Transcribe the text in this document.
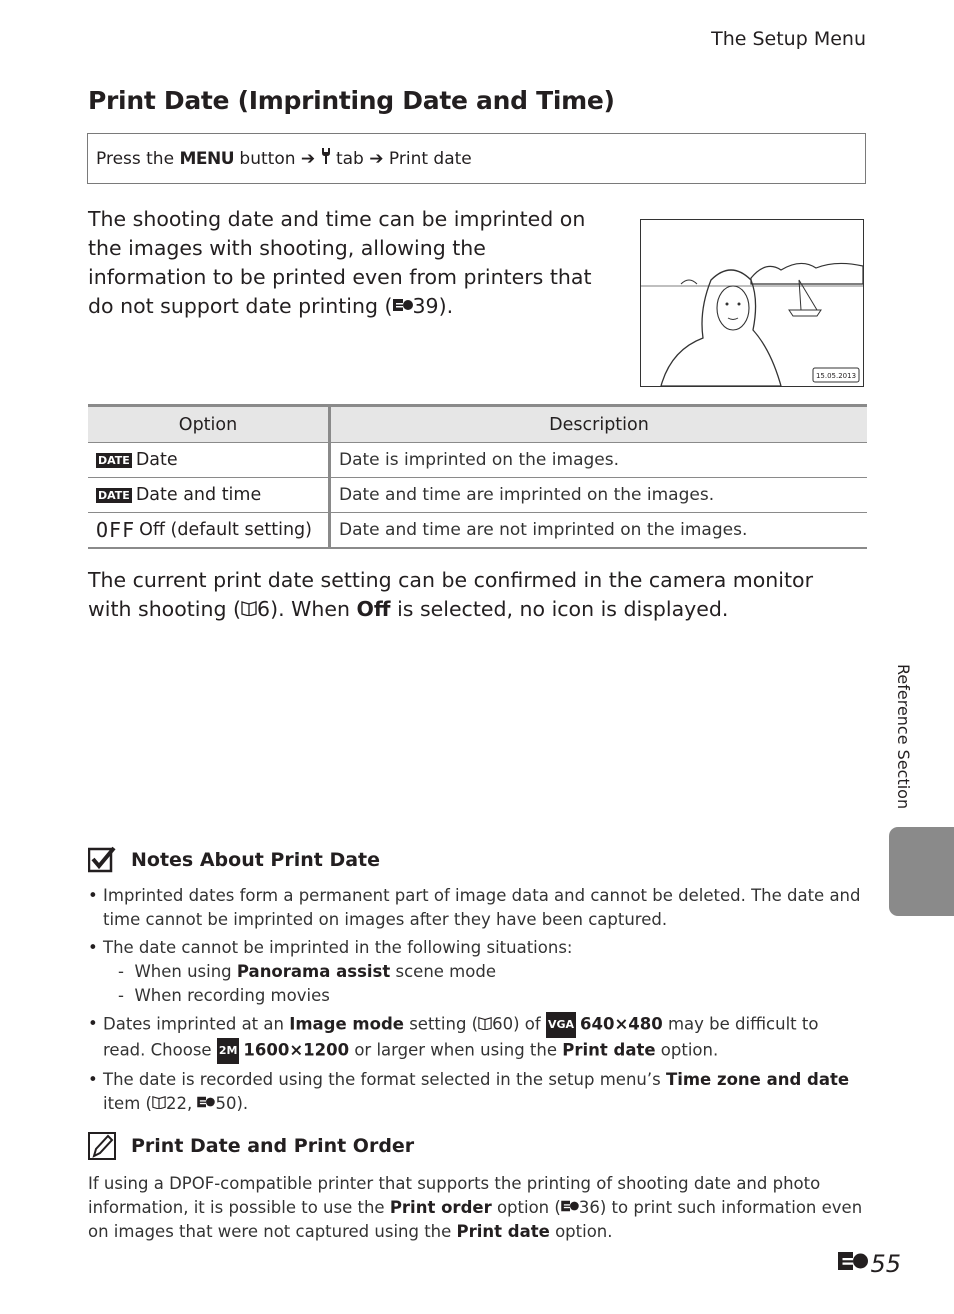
The Setup Menu
Print Date (Imprinting Date and Time)
Press the
MENU
button
➔

tab
➔
Print date
The shooting date and time can be imprinted on the images with shooting, allowing the information to be printed even from printers that do not support date printing ( 39).
15.05.2013
Option	Description
DATE Date	Date is imprinted on the images.
DATE Date and time	Date and time are imprinted on the images.
OFF Off (default setting)	Date and time are not imprinted on the images.
The current print date setting can be confirmed in the camera monitor with shooting ( 6). When Off is selected, no icon is displayed.
Reference Section
Notes About Print Date
• Imprinted dates form a permanent part of image data and cannot be deleted. The date and time cannot be imprinted on images after they have been captured.
• The date cannot be imprinted in the following situations:
-  When using Panorama assist scene mode
-  When recording movies
• Dates imprinted at an Image mode setting ( 60) of VGA 640×480 may be difficult to read. Choose 2M 1600×1200 or larger when using the Print date option.
• The date is recorded using the format selected in the setup menu’s Time zone and date item ( 22, 50).
Print Date and Print Order
If using a DPOF-compatible printer that supports the printing of shooting date and photo information, it is possible to use the Print order option ( 36) to print such information even on images that were not captured using the Print date option.
55
